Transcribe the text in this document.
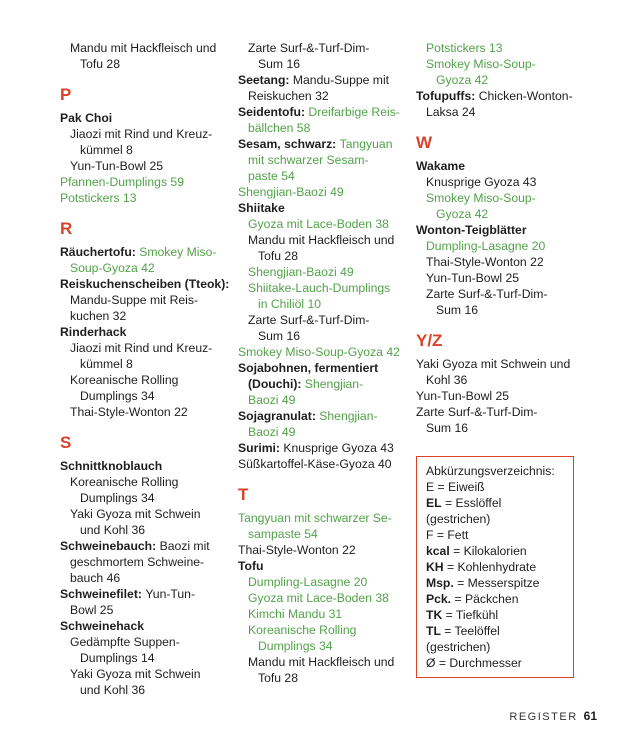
Mandu mit Hackfleisch und
Tofu 28
P
Pak Choi
Jiaozi mit Rind und Kreuz-
kümmel 8
Yun-Tun-Bowl 25
Pfannen-Dumplings 59
Potstickers 13
R
Räuchertofu: Smokey Miso-
Soup-Gyoza 42
Reiskuchenscheiben (Tteok):
Mandu-Suppe mit Reis-
kuchen 32
Rinderhack
Jiaozi mit Rind und Kreuz-
kümmel 8
Koreanische Rolling
Dumplings 34
Thai-Style-Wonton 22
S
Schnittknoblauch
Koreanische Rolling
Dumplings 34
Yaki Gyoza mit Schwein
und Kohl 36
Schweinebauch: Baozi mit
geschmortem Schweine-
bauch 46
Schweinefilet: Yun-Tun-
Bowl 25
Schweinehack
Gedämpfte Suppen-
Dumplings 14
Yaki Gyoza mit Schwein
und Kohl 36
Zarte Surf-&-Turf-Dim-
Sum 16
Seetang: Mandu-Suppe mit
Reiskuchen 32
Seidentofu: Dreifarbige Reis-
bällchen 58
Sesam, schwarz: Tangyuan
mit schwarzer Sesam-
paste 54
Shengjian-Baozi 49
Shiitake
Gyoza mit Lace-Boden 38
Mandu mit Hackfleisch und
Tofu 28
Shengjian-Baozi 49
Shiitake-Lauch-Dumplings
in Chiliöl 10
Zarte Surf-&-Turf-Dim-
Sum 16
Smokey Miso-Soup-Gyoza 42
Sojabohnen, fermentiert
(Douchi): Shengjian-
Baozi 49
Sojagranulat: Shengjian-
Baozi 49
Surimi: Knusprige Gyoza 43
Süßkartoffel-Käse-Gyoza 40
T
Tangyuan mit schwarzer Se-
sampaste 54
Thai-Style-Wonton 22
Tofu
Dumpling-Lasagne 20
Gyoza mit Lace-Boden 38
Kimchi Mandu 31
Koreanische Rolling
Dumplings 34
Mandu mit Hackfleisch und
Tofu 28
Potstickers 13
Smokey Miso-Soup-
Gyoza 42
Tofupuffs: Chicken-Wonton-
Laksa 24
W
Wakame
Knusprige Gyoza 43
Smokey Miso-Soup-
Gyoza 42
Wonton-Teigblätter
Dumpling-Lasagne 20
Thai-Style-Wonton 22
Yun-Tun-Bowl 25
Zarte Surf-&-Turf-Dim-
Sum 16
Y/Z
Yaki Gyoza mit Schwein und
Kohl 36
Yun-Tun-Bowl 25
Zarte Surf-&-Turf-Dim-
Sum 16
Abkürzungsverzeichnis:
E = Eiweiß
EL = Esslöffel
(gestrichen)
F = Fett
kcal = Kilokalorien
KH = Kohlenhydrate
Msp. = Messerspitze
Pck. = Päckchen
TK = Tiefkühl
TL = Teelöffel
(gestrichen)
Ø = Durchmesser
REGISTER 61
